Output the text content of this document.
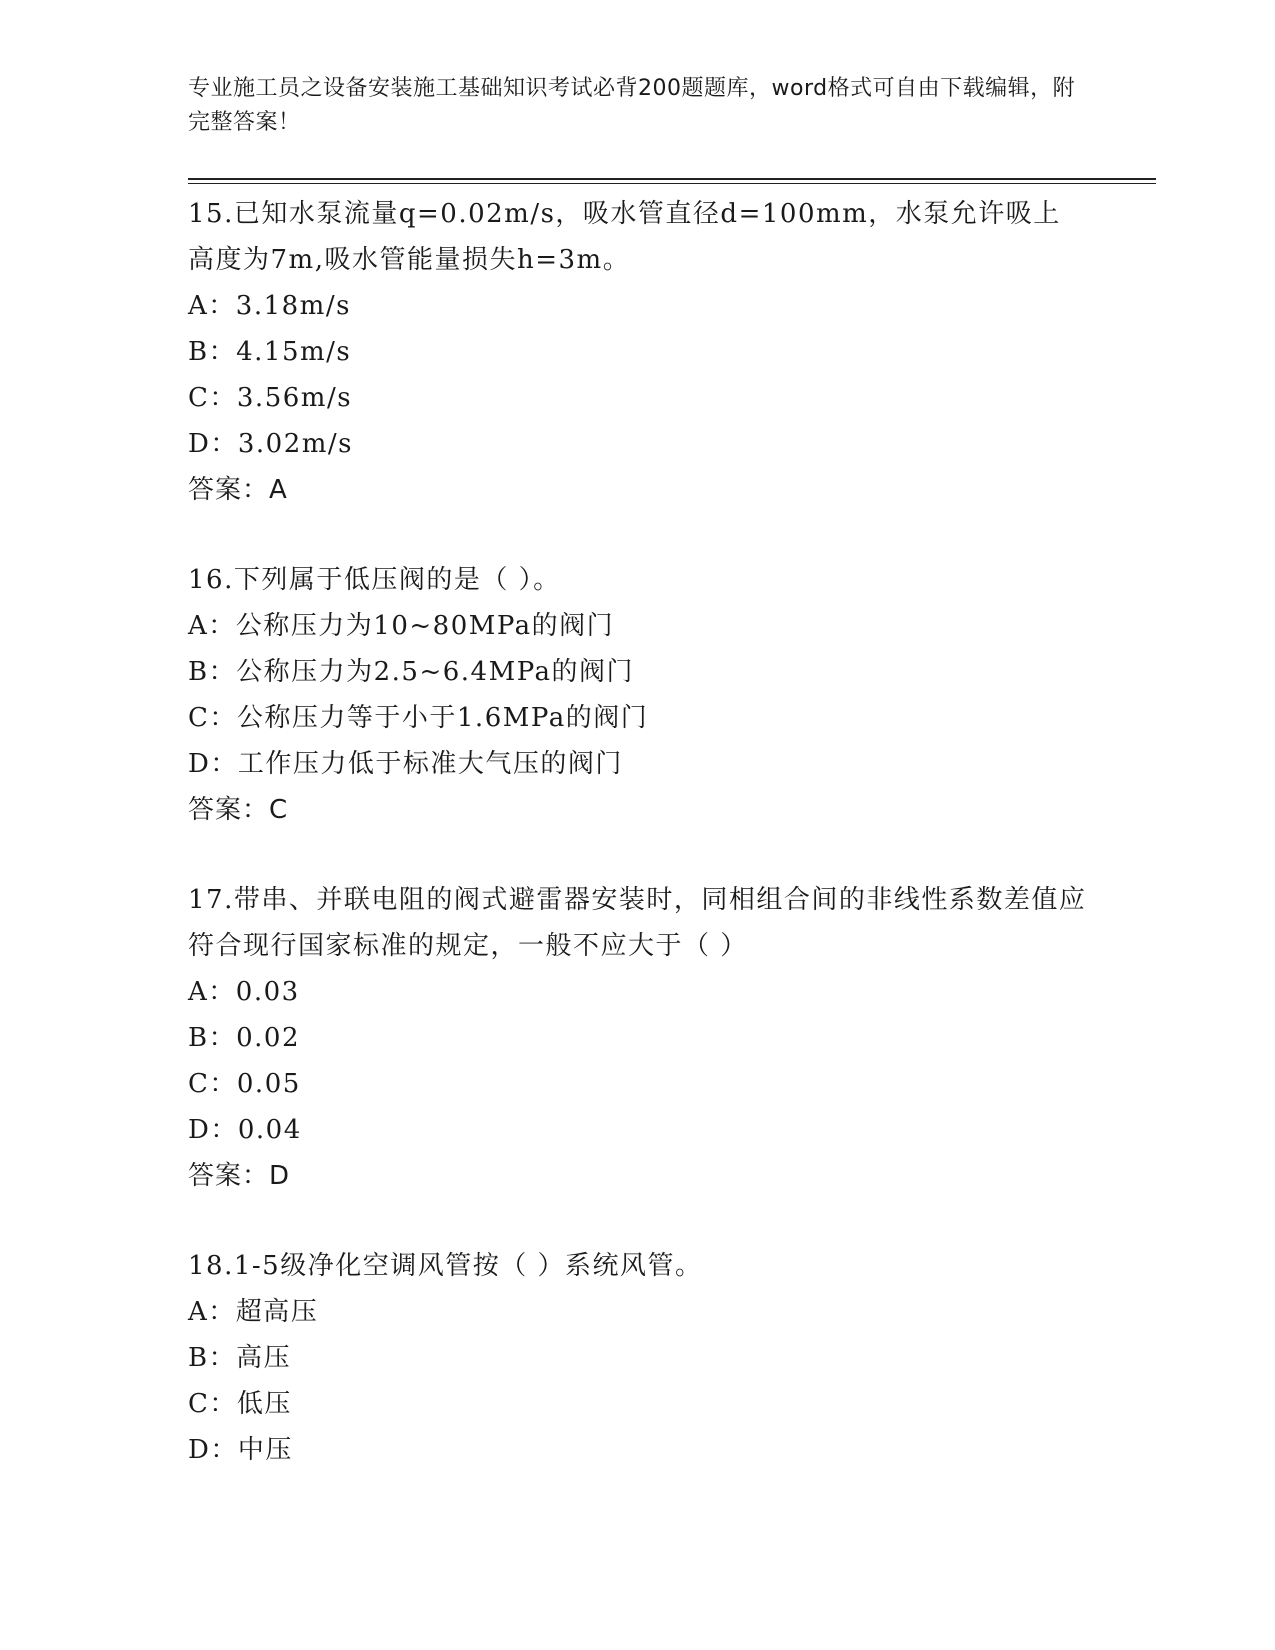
专业施工员之设备安装施工基础知识考试必背200题题库，word格式可自由下载编辑，附完整答案！
15.已知水泵流量q=0.02m/s，吸水管直径d=100mm，水泵允许吸上高度为7m,吸水管能量损失h=3m。
A：3.18m/s
B：4.15m/s
C：3.56m/s
D：3.02m/s
答案：A
16.下列属于低压阀的是（ ）。
A：公称压力为10~80MPa的阀门
B：公称压力为2.5~6.4MPa的阀门
C：公称压力等于小于1.6MPa的阀门
D：工作压力低于标准大气压的阀门
答案：C
17.带串、并联电阻的阀式避雷器安装时，同相组合间的非线性系数差值应符合现行国家标准的规定，一般不应大于（ ）
A：0.03
B：0.02
C：0.05
D：0.04
答案：D
18.1-5级净化空调风管按（ ）系统风管。
A：超高压
B：高压
C：低压
D：中压
